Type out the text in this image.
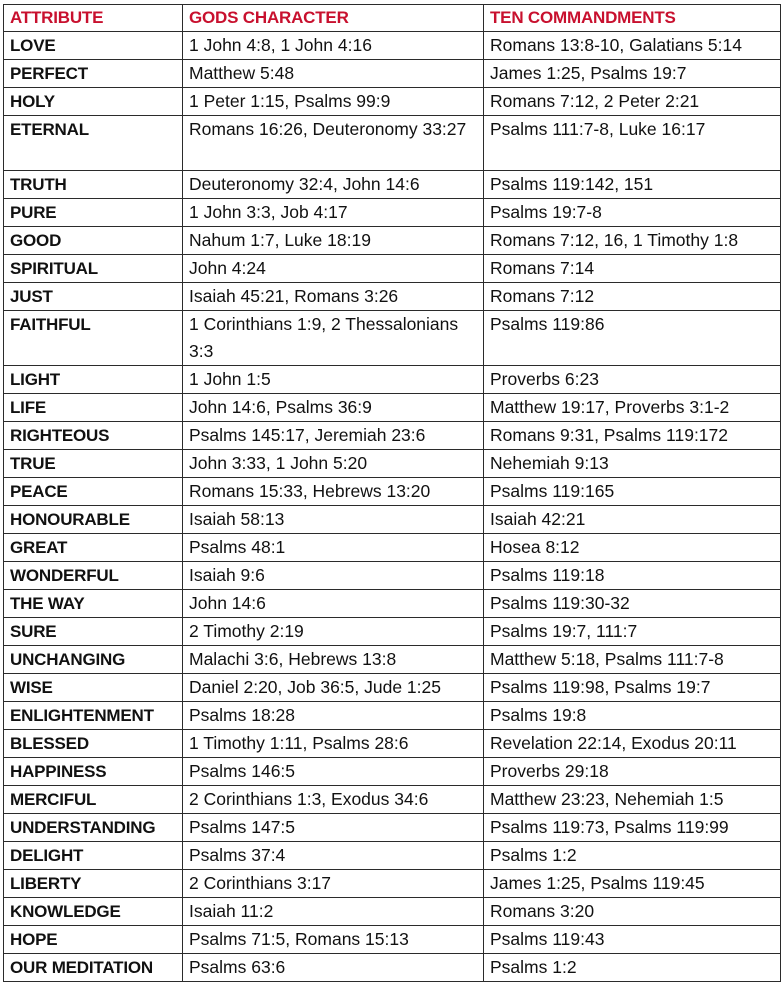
ATTRIBUTE	GODS CHARACTER	TEN COMMANDMENTS
LOVE	1 John 4:8, 1 John 4:16	Romans 13:8-10, Galatians 5:14
PERFECT	Matthew 5:48	James 1:25, Psalms 19:7
HOLY	1 Peter 1:15, Psalms 99:9	Romans 7:12, 2 Peter 2:21
ETERNAL	Romans 16:26, Deuteronomy 33:27	Psalms 111:7-8, Luke 16:17
TRUTH	Deuteronomy 32:4, John 14:6	Psalms 119:142, 151
PURE	1 John 3:3, Job 4:17	Psalms 19:7-8
GOOD	Nahum 1:7, Luke 18:19	Romans 7:12, 16, 1 Timothy 1:8
SPIRITUAL	John 4:24	Romans 7:14
JUST	Isaiah 45:21, Romans 3:26	Romans 7:12
FAITHFUL	1 Corinthians 1:9, 2 Thessalonians 3:3	Psalms 119:86
LIGHT	1 John 1:5	Proverbs 6:23
LIFE	John 14:6, Psalms 36:9	Matthew 19:17, Proverbs 3:1-2
RIGHTEOUS	Psalms 145:17, Jeremiah 23:6	Romans 9:31, Psalms 119:172
TRUE	John 3:33, 1 John 5:20	Nehemiah 9:13
PEACE	Romans 15:33, Hebrews 13:20	Psalms 119:165
HONOURABLE	Isaiah 58:13	Isaiah 42:21
GREAT	Psalms 48:1	Hosea 8:12
WONDERFUL	Isaiah 9:6	Psalms 119:18
THE WAY	John 14:6	Psalms 119:30-32
SURE	2 Timothy 2:19	Psalms 19:7, 111:7
UNCHANGING	Malachi 3:6, Hebrews 13:8	Matthew 5:18, Psalms 111:7-8
WISE	Daniel 2:20, Job 36:5, Jude 1:25	Psalms 119:98, Psalms 19:7
ENLIGHTENMENT	Psalms 18:28	Psalms 19:8
BLESSED	1 Timothy 1:11, Psalms 28:6	Revelation 22:14, Exodus 20:11
HAPPINESS	Psalms 146:5	Proverbs 29:18
MERCIFUL	2 Corinthians 1:3, Exodus 34:6	Matthew 23:23, Nehemiah 1:5
UNDERSTANDING	Psalms 147:5	Psalms 119:73, Psalms 119:99
DELIGHT	Psalms 37:4	Psalms 1:2
LIBERTY	2 Corinthians 3:17	James 1:25, Psalms 119:45
KNOWLEDGE	Isaiah 11:2	Romans 3:20
HOPE	Psalms 71:5, Romans 15:13	Psalms 119:43
OUR MEDITATION	Psalms 63:6	Psalms 1:2
